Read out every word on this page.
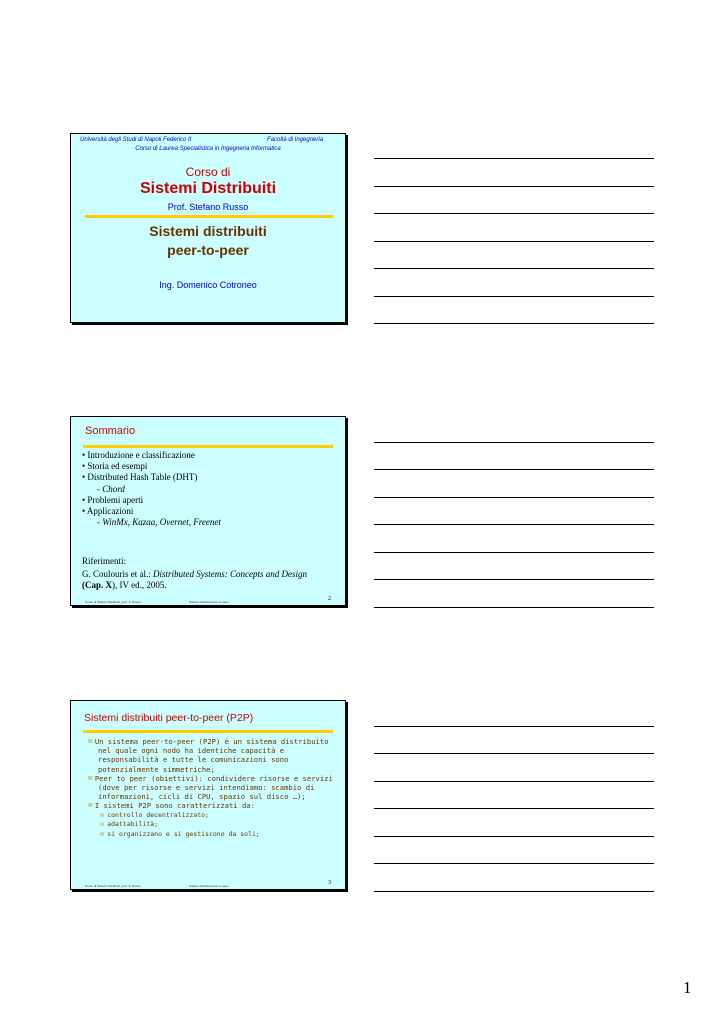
Università degli Studi di Napoli Federico II	Facoltà di Ingegneria
Corso di Laurea Specialistica in Ingegneria Informatica
Corso di
Sistemi Distribuiti
Prof. Stefano Russo
Sistemi distribuiti
peer-to-peer
Ing. Domenico Cotroneo
Sommario
• Introduzione e classificazione
• Storia ed esempi
• Distributed Hash Table (DHT)
- Chord
• Problemi aperti
• Applicazioni
- WinMx, Kazaa, Overnet, Freenet
Riferimenti:
G. Coulouris et al.: Distributed Systems: Concepts and Design
(Cap. X), IV ed., 2005.
Corso di Sistemi Distribuiti, prof. S. Russo	Sistemi distribuiti peer-to-peer	2
Sistemi distribuiti peer-to-peer (P2P)
⌘ Un sistema peer-to-peer (P2P) è un sistema distribuito nel quale ogni nodo ha identiche capacità e responsabilità e tutte le comunicazioni sono potenzialmente simmetriche;
⌘ Peer to peer (obiettivi): condividere risorse e servizi (dove per risorse e servizi intendiamo: scambio di informazioni, cicli di CPU, spazio sul disco …);
⌘ I sistemi P2P sono caratterizzati da:
✉ controllo decentralizzato;
✉ adattabilità;
✉ si organizzano e si gestiscono da soli;
Corso di Sistemi Distribuiti, prof. S. Russo	Sistemi distribuiti peer-to-peer	3
1
